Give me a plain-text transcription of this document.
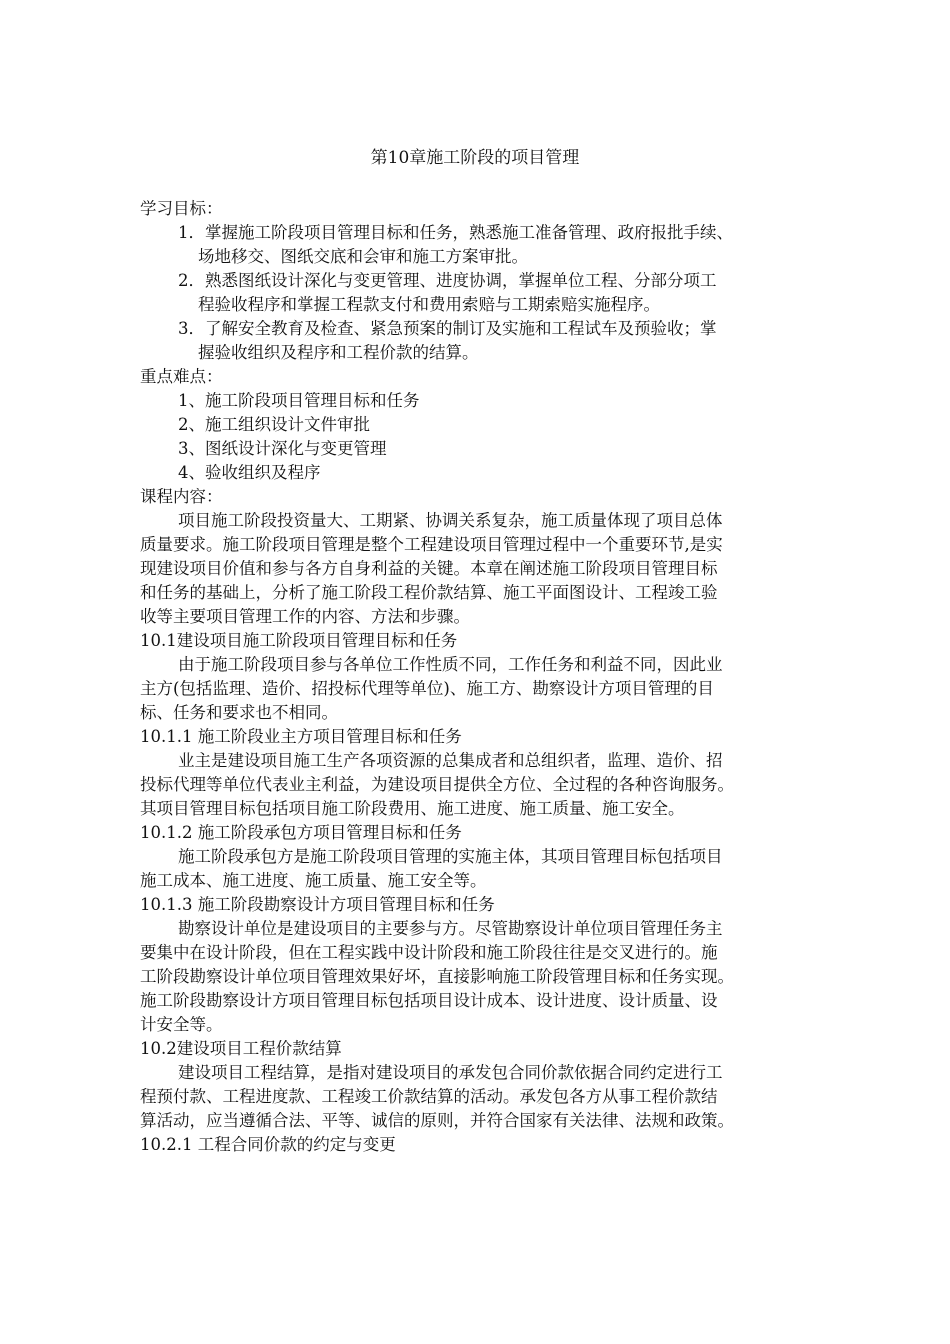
第10章施工阶段的项目管理
学习目标：
1．掌握施工阶段项目管理目标和任务，熟悉施工准备管理、政府报批手续、
场地移交、图纸交底和会审和施工方案审批。
2．熟悉图纸设计深化与变更管理、进度协调，掌握单位工程、分部分项工
程验收程序和掌握工程款支付和费用索赔与工期索赔实施程序。
3．了解安全教育及检查、紧急预案的制订及实施和工程试车及预验收；掌
握验收组织及程序和工程价款的结算。
重点难点：
1、施工阶段项目管理目标和任务
2、施工组织设计文件审批
3、图纸设计深化与变更管理
4、验收组织及程序
课程内容：
项目施工阶段投资量大、工期紧、协调关系复杂，施工质量体现了项目总体
质量要求。施工阶段项目管理是整个工程建设项目管理过程中一个重要环节,是实
现建设项目价值和参与各方自身利益的关键。本章在阐述施工阶段项目管理目标
和任务的基础上，分析了施工阶段工程价款结算、施工平面图设计、工程竣工验
收等主要项目管理工作的内容、方法和步骤。
10.1建设项目施工阶段项目管理目标和任务
由于施工阶段项目参与各单位工作性质不同，工作任务和利益不同，因此业
主方(包括监理、造价、招投标代理等单位)、施工方、勘察设计方项目管理的目
标、任务和要求也不相同。
10.1.1 施工阶段业主方项目管理目标和任务
业主是建设项目施工生产各项资源的总集成者和总组织者，监理、造价、招
投标代理等单位代表业主利益，为建设项目提供全方位、全过程的各种咨询服务。
其项目管理目标包括项目施工阶段费用、施工进度、施工质量、施工安全。
10.1.2 施工阶段承包方项目管理目标和任务
施工阶段承包方是施工阶段项目管理的实施主体，其项目管理目标包括项目
施工成本、施工进度、施工质量、施工安全等。
10.1.3 施工阶段勘察设计方项目管理目标和任务
勘察设计单位是建设项目的主要参与方。尽管勘察设计单位项目管理任务主
要集中在设计阶段，但在工程实践中设计阶段和施工阶段往往是交叉进行的。施
工阶段勘察设计单位项目管理效果好坏，直接影响施工阶段管理目标和任务实现。
施工阶段勘察设计方项目管理目标包括项目设计成本、设计进度、设计质量、设
计安全等。
10.2建设项目工程价款结算
建设项目工程结算，是指对建设项目的承发包合同价款依据合同约定进行工
程预付款、工程进度款、工程竣工价款结算的活动。承发包各方从事工程价款结
算活动，应当遵循合法、平等、诚信的原则，并符合国家有关法律、法规和政策。
10.2.1 工程合同价款的约定与变更
